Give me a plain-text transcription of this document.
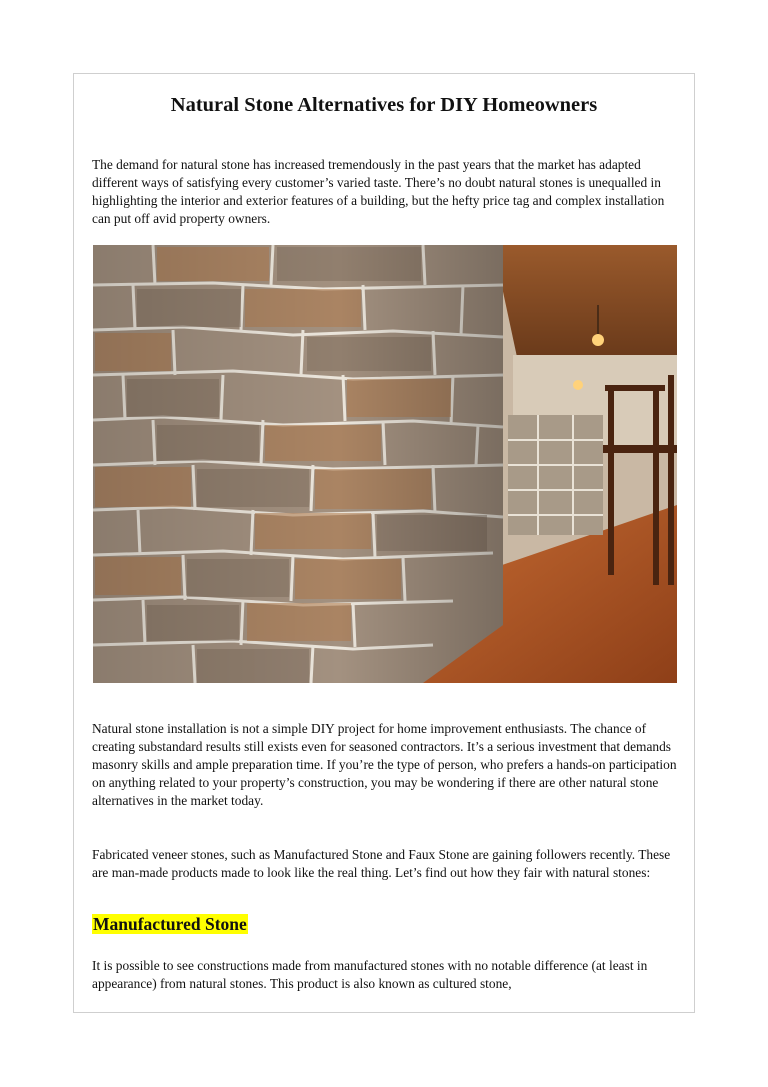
Natural Stone Alternatives for DIY Homeowners

The demand for natural stone has increased tremendously in the past years that the market has adapted different ways of satisfying every customer’s varied taste. There’s no doubt natural stones is unequalled in highlighting the interior and exterior features of a building, but the hefty price tag and complex installation can put off avid property owners.

Natural stone installation is not a simple DIY project for home improvement enthusiasts. The chance of creating substandard results still exists even for seasoned contractors. It’s a serious investment that demands masonry skills and ample preparation time. If you’re the type of person, who prefers a hands-on participation on anything related to your property’s construction, you may be wondering if there are other natural stone alternatives in the market today.

Fabricated veneer stones, such as Manufactured Stone and Faux Stone are gaining followers recently. These are man-made products made to look like the real thing. Let’s find out how they fair with natural stones:

Manufactured Stone

It is possible to see constructions made from manufactured stones with no notable difference (at least in appearance) from natural stones. This product is also known as cultured stone,
